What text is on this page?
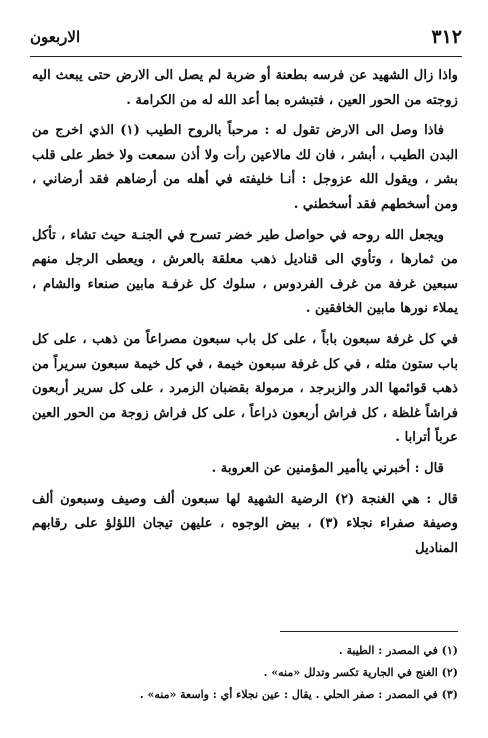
٣١٢
الاربعون

واذا زال الشهيد عن فرسه بطعنة أو ضربة لم يصل الى الارض حتى يبعث اليه زوجته من الحور العين ، فتبشره بما أعد الله له من الكرامة .

فاذا وصل الى الارض تقول له : مرحباً بالروح الطيب (١) الذي اخرج من البدن الطيب ، أبشر ، فان لك مالاعين رأت ولا أذن سمعت ولا خطر على قلب بشر ، ويقول الله عزوجل : أنـا خليفته في أهله من أرضاهم فقد أرضاني ، ومن أسخطهم فقد أسخطني .

ويجعل الله روحه في حواصل طير خضر تسرح في الجنـة حيث تشاء ، تأكل من ثمارها ، وتأوي الى قناديل ذهب معلقة بالعرش ، ويعطى الرجل منهم سبعين غرفة من غرف الفردوس ، سلوك كل غرفـة مابين صنعاء والشام ، يملاء نورها مابين الخافقين .

في كل غرفة سبعون باباً ، على كل باب سبعون مصراعاً من ذهب ، على كل باب ستون مثله ، في كل غرفة سبعون خيمة ، في كل خيمة سبعون سريراً من ذهب قوائمها الدر والزبرجد ، مرمولة بقضبان الزمرد ، على كل سرير أربعون فراشاً غلظة ، كل فراش أربعون ذراعاً ، على كل فراش زوجة من الحور العين عرباً أترابا .

قال : أخبرني ياأمير المؤمنين عن العروبة .

قال : هي الغنجة (٢) الرضية الشهية لها سبعون ألف وصيف وسبعون ألف وصيفة صفراء نجلاء (٣) ، بيض الوجوه ، عليهن تيجان اللؤلؤ على رقابهم المناديل

(١) في المصدر : الطيبة .
(٢) الغنج في الجارية تكسر وتدلل «منه» .
(٣) في المصدر : صفر الحلي . يقال : عين نجلاء أي : واسعة «منه» .
